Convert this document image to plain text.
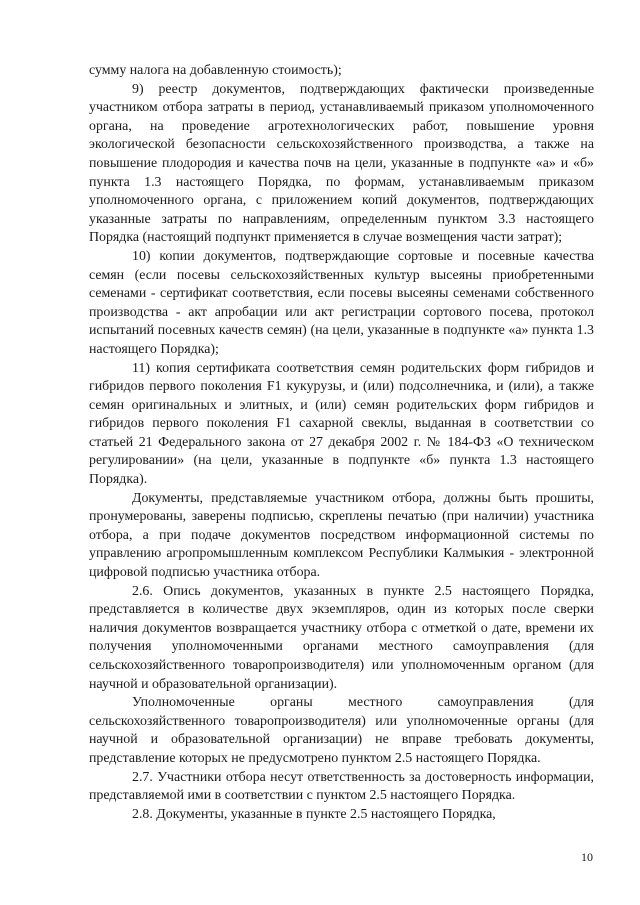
сумму налога на добавленную стоимость);

9) реестр документов, подтверждающих фактически произведенные участником отбора затраты в период, устанавливаемый приказом уполномоченного органа, на проведение агротехнологических работ, повышение уровня экологической безопасности сельскохозяйственного производства, а также на повышение плодородия и качества почв на цели, указанные в подпункте «а» и «б» пункта 1.3 настоящего Порядка, по формам, устанавливаемым приказом уполномоченного органа, с приложением копий документов, подтверждающих указанные затраты по направлениям, определенным пунктом 3.3 настоящего Порядка (настоящий подпункт применяется в случае возмещения части затрат);

10) копии документов, подтверждающие сортовые и посевные качества семян (если посевы сельскохозяйственных культур высеяны приобретенными семенами - сертификат соответствия, если посевы высеяны семенами собственного производства - акт апробации или акт регистрации сортового посева, протокол испытаний посевных качеств семян) (на цели, указанные в подпункте «а» пункта 1.3 настоящего Порядка);

11) копия сертификата соответствия семян родительских форм гибридов и гибридов первого поколения F1 кукурузы, и (или) подсолнечника, и (или), а также семян оригинальных и элитных, и (или) семян родительских форм гибридов и гибридов первого поколения F1 сахарной свеклы, выданная в соответствии со статьей 21 Федерального закона от 27 декабря 2002 г. № 184-ФЗ «О техническом регулировании» (на цели, указанные в подпункте «б» пункта 1.3 настоящего Порядка).

Документы, представляемые участником отбора, должны быть прошиты, пронумерованы, заверены подписью, скреплены печатью (при наличии) участника отбора, а при подаче документов посредством информационной системы по управлению агропромышленным комплексом Республики Калмыкия - электронной цифровой подписью участника отбора.

2.6. Опись документов, указанных в пункте 2.5 настоящего Порядка, представляется в количестве двух экземпляров, один из которых после сверки наличия документов возвращается участнику отбора с отметкой о дате, времени их получения уполномоченными органами местного самоуправления (для сельскохозяйственного товаропроизводителя) или уполномоченным органом (для научной и образовательной организации).

Уполномоченные органы местного самоуправления (для сельскохозяйственного товаропроизводителя) или уполномоченные органы (для научной и образовательной организации) не вправе требовать документы, представление которых не предусмотрено пунктом 2.5 настоящего Порядка.

2.7. Участники отбора несут ответственность за достоверность информации, представляемой ими в соответствии с пунктом 2.5 настоящего Порядка.

2.8. Документы, указанные в пункте 2.5 настоящего Порядка,

10
